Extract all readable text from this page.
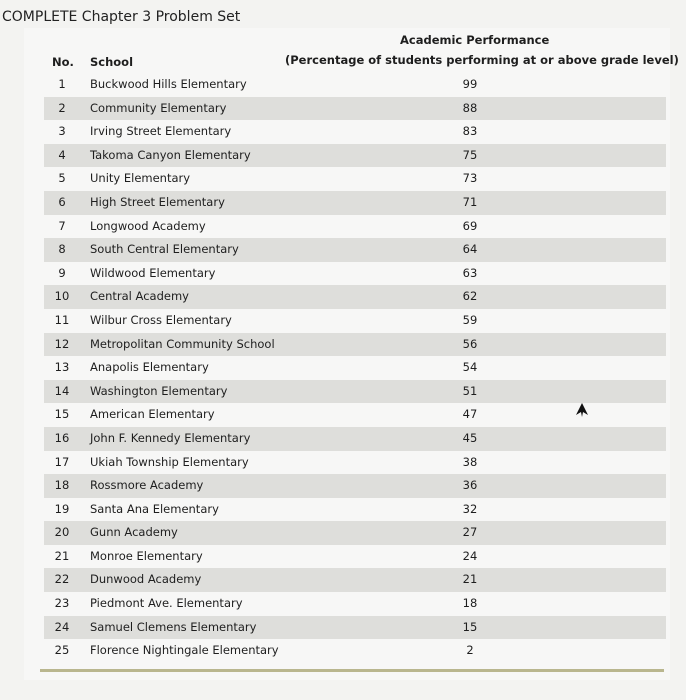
COMPLETE Chapter 3 Problem Set
Academic Performance
No. School	(Percentage of students performing at or above grade level)
1	Buckwood Hills Elementary	99
2	Community Elementary	88
3	Irving Street Elementary	83
4	Takoma Canyon Elementary	75
5	Unity Elementary	73
6	High Street Elementary	71
7	Longwood Academy	69
8	South Central Elementary	64
9	Wildwood Elementary	63
10	Central Academy	62
11	Wilbur Cross Elementary	59
12	Metropolitan Community School	56
13	Anapolis Elementary	54
14	Washington Elementary	51
15	American Elementary	47
16	John F. Kennedy Elementary	45
17	Ukiah Township Elementary	38
18	Rossmore Academy	36
19	Santa Ana Elementary	32
20	Gunn Academy	27
21	Monroe Elementary	24
22	Dunwood Academy	21
23	Piedmont Ave. Elementary	18
24	Samuel Clemens Elementary	15
25	Florence Nightingale Elementary	2
